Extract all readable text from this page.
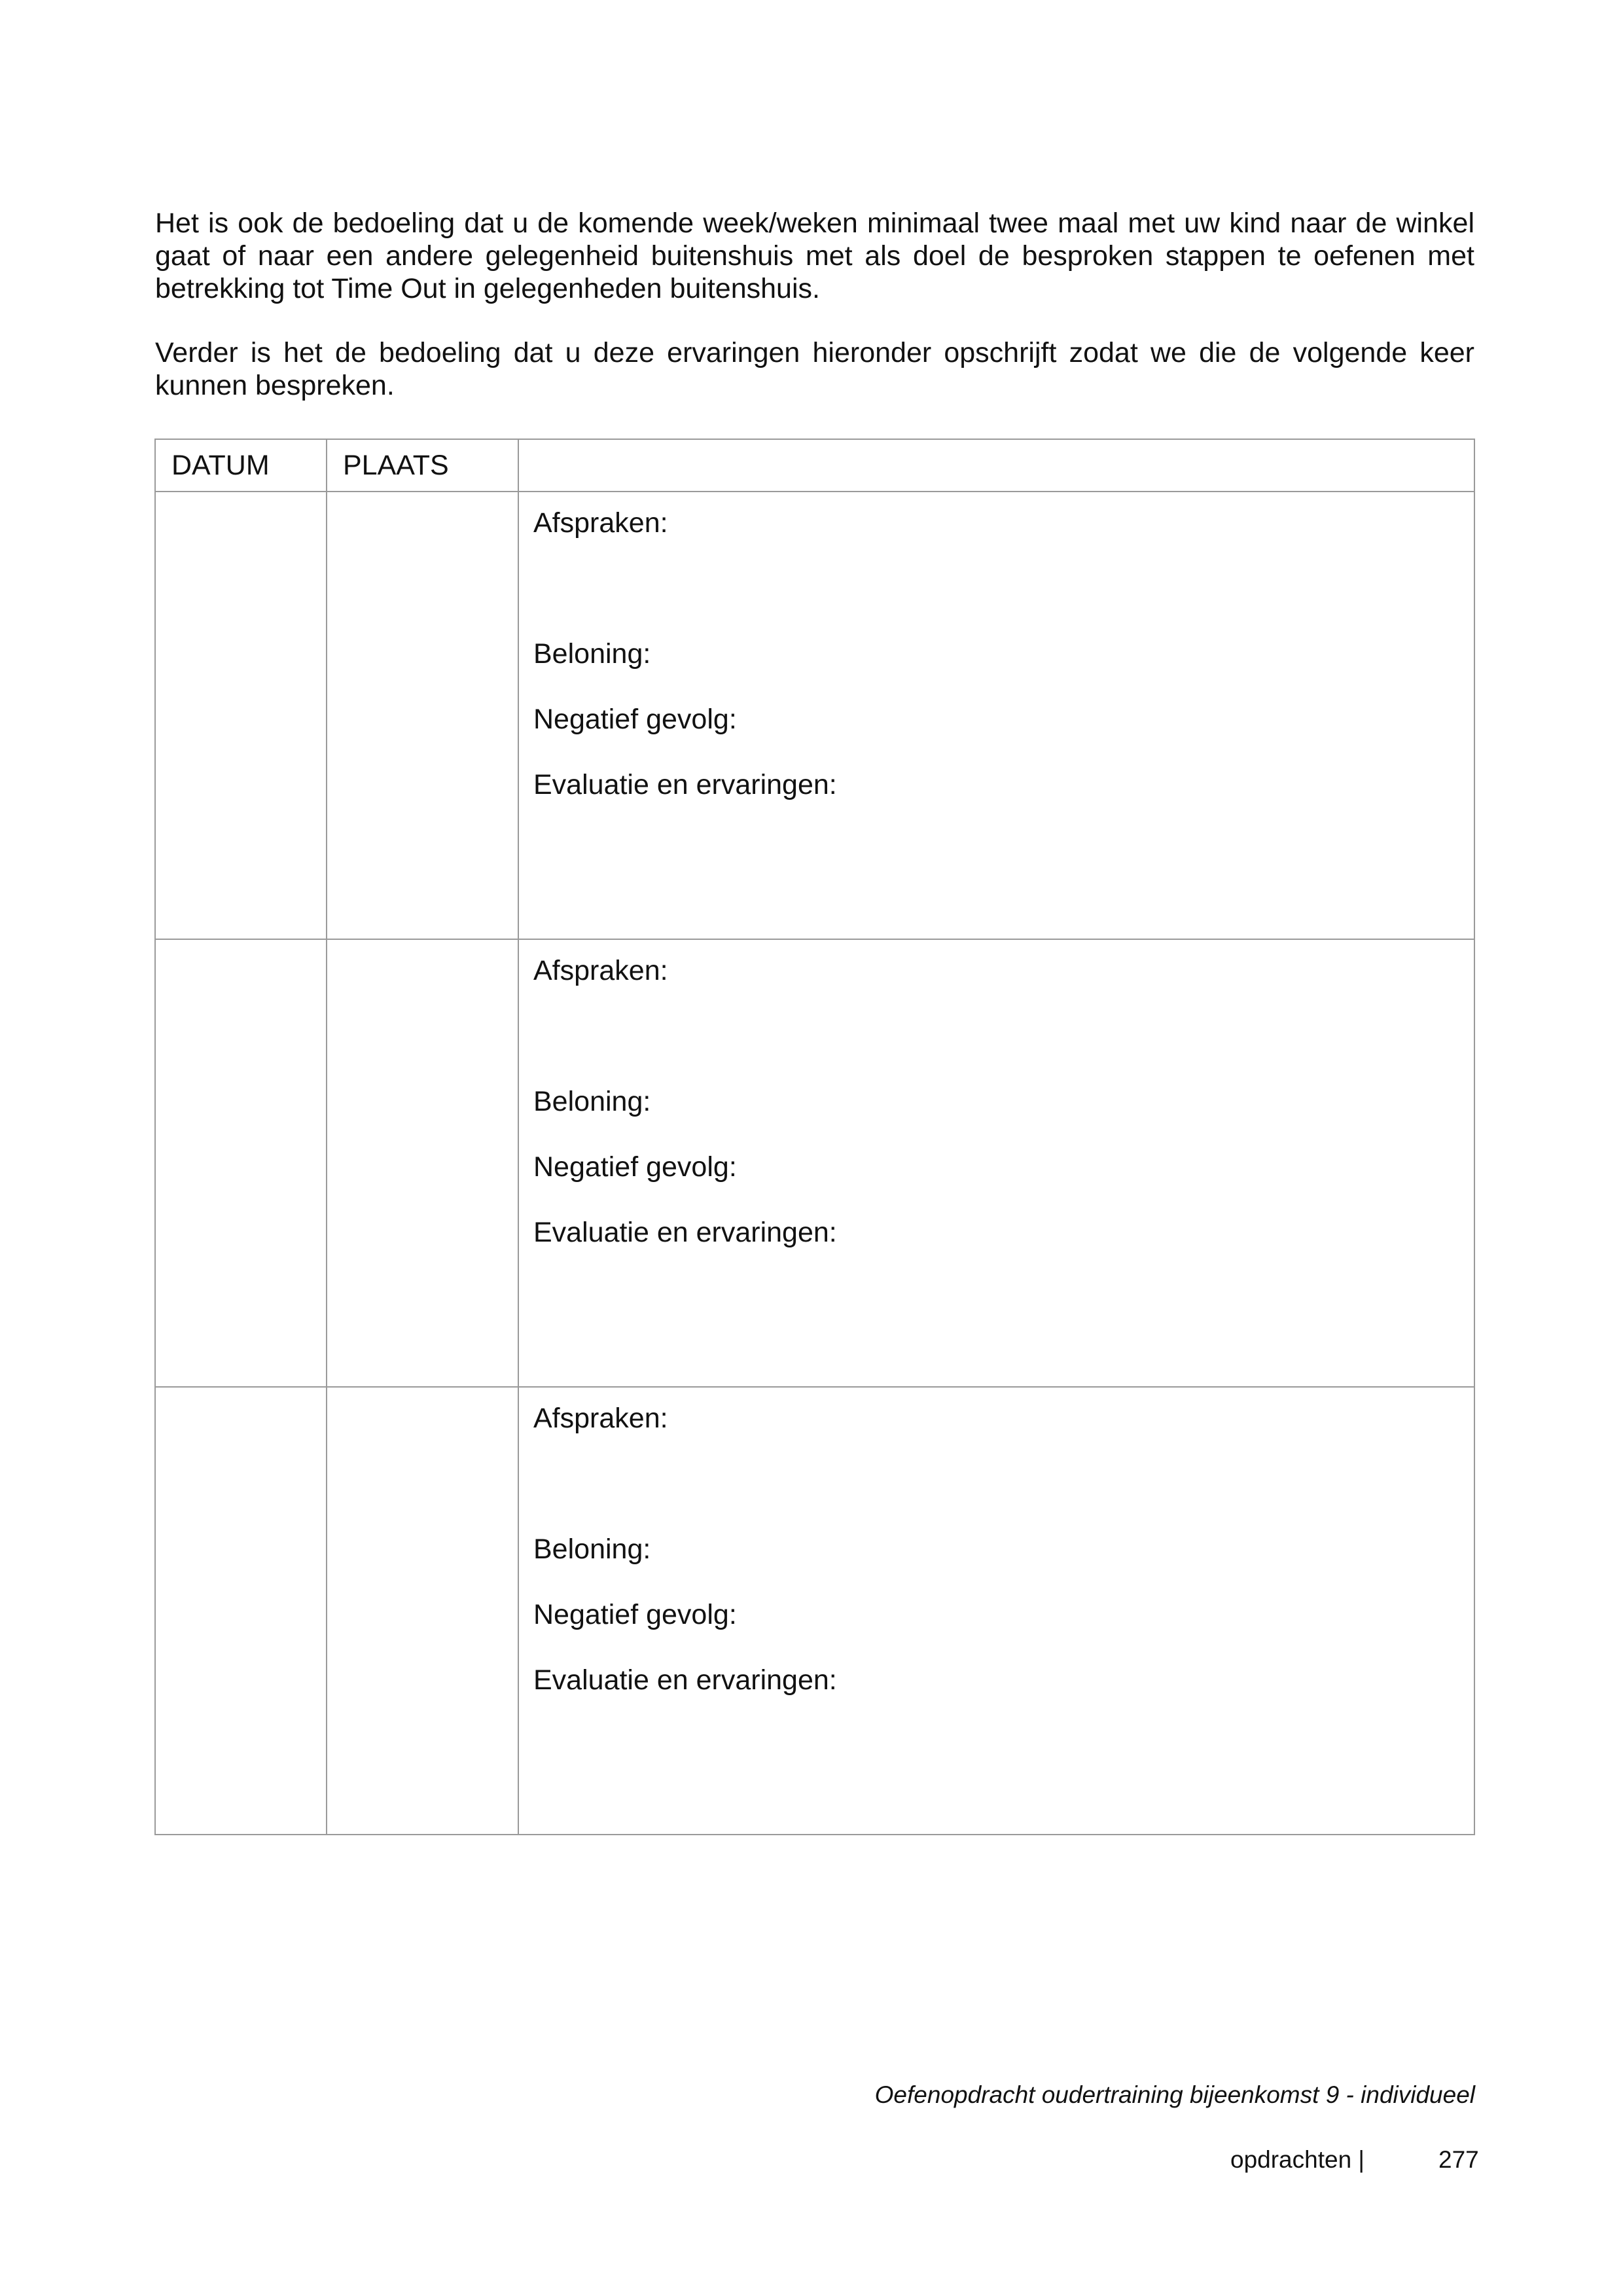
Het is ook de bedoeling dat u de komende week/weken minimaal twee maal met uw kind naar de winkel gaat of naar een andere gelegenheid buitenshuis met als doel de besproken stappen te oefenen met betrekking tot Time Out in gelegenheden buitenshuis.

Verder is het de bedoeling dat u deze ervaringen hieronder opschrijft zodat we die de volgende keer kunnen bespreken.

DATUM	PLAATS	

		Afspraken:
Beloning:
Negatief gevolg:
Evaluatie en ervaringen:

		Afspraken:
Beloning:
Negatief gevolg:
Evaluatie en ervaringen:

		Afspraken:
Beloning:
Negatief gevolg:
Evaluatie en ervaringen:
Oefenopdracht oudertraining bijeenkomst 9 - individueel
opdrachten |	277
